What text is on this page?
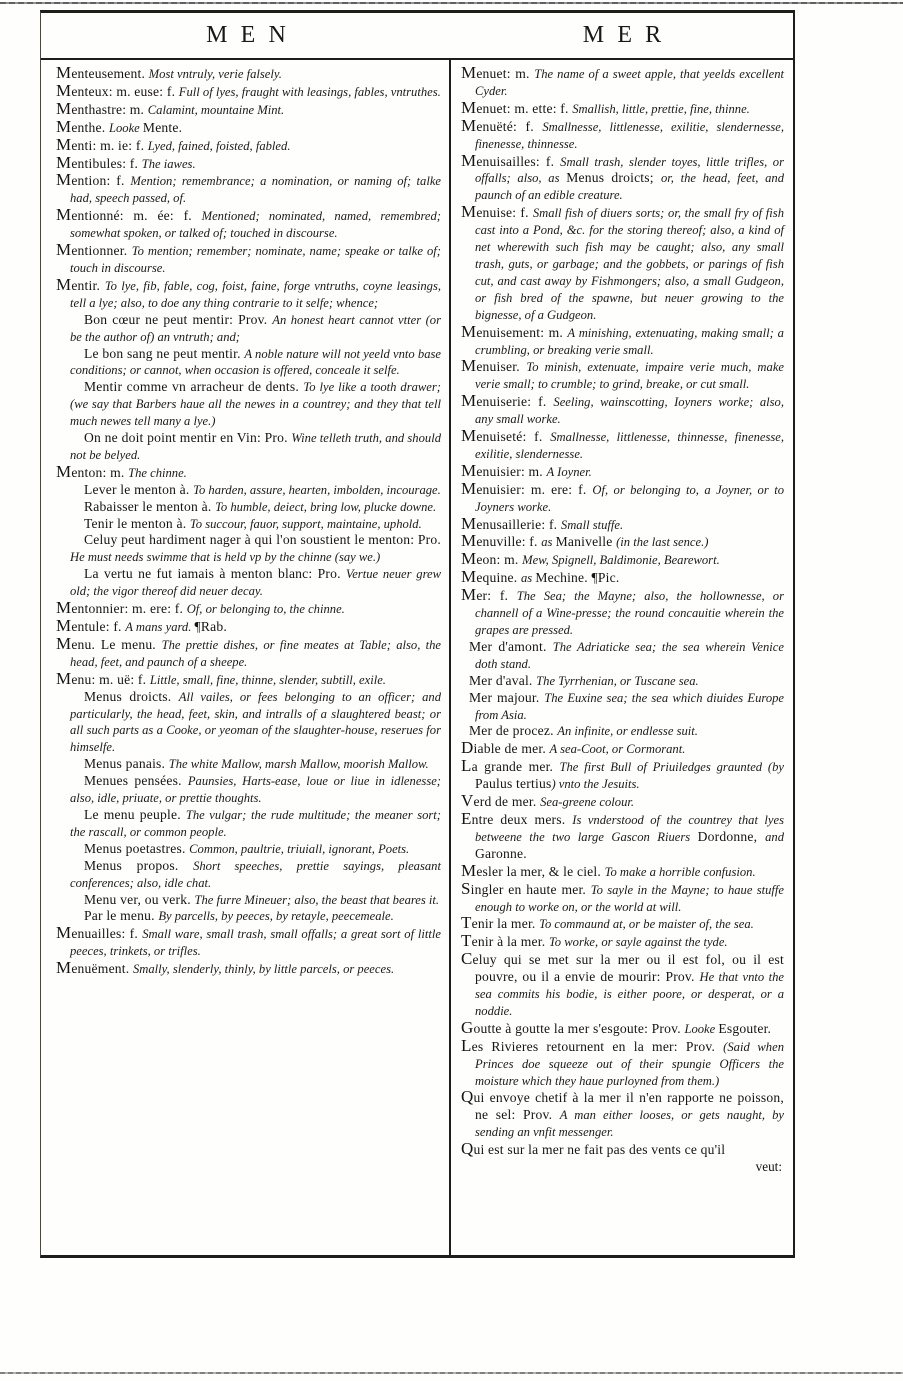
MEN	MER

Menteusement. Most vntruly, verie falsely.

Menteux: m. euse: f. Full of lyes, fraught with leasings, fables, vntruthes.

Menthastre: m. Calamint, mountaine Mint.

Menthe. Looke Mente.

Menti: m. ie: f. Lyed, fained, foisted, fabled.

Mentibules: f. The iawes.

Mention: f. Mention; remembrance; a nomination, or naming of; talke had, speech passed, of.

Mentionné: m. ée: f. Mentioned; nominated, named, remembred; somewhat spoken, or talked of; touched in discourse.

Mentionner. To mention; remember; nominate, name; speake or talke of; touch in discourse.

Mentir. To lye, fib, fable, cog, foist, faine, forge vntruths, coyne leasings, tell a lye; also, to doe any thing contrarie to it selfe; whence;

Bon cœur ne peut mentir: Prov. An honest heart cannot vtter (or be the author of) an vntruth; and;

Le bon sang ne peut mentir. A noble nature will not yeeld vnto base conditions; or cannot, when occasion is offered, conceale it selfe.

Mentir comme vn arracheur de dents. To lye like a tooth drawer; (we say that Barbers haue all the newes in a countrey; and they that tell much newes tell many a lye.)

On ne doit point mentir en Vin: Pro. Wine telleth truth, and should not be belyed.

Menton: m. The chinne.

Lever le menton à. To harden, assure, hearten, imbolden, incourage.

Rabaisser le menton à. To humble, deiect, bring low, plucke downe.

Tenir le menton à. To succour, fauor, support, maintaine, uphold.

Celuy peut hardiment nager à qui l'on soustient le menton: Pro. He must needs swimme that is held vp by the chinne (say we.)

La vertu ne fut iamais à menton blanc: Pro. Vertue neuer grew old; the vigor thereof did neuer decay.

Mentonnier: m. ere: f. Of, or belonging to, the chinne.

Mentule: f. A mans yard. ¶Rab.

Menu. Le menu. The prettie dishes, or fine meates at Table; also, the head, feet, and paunch of a sheepe.

Menu: m. uë: f. Little, small, fine, thinne, slender, subtill, exile.

Menus droicts. All vailes, or fees belonging to an officer; and particularly, the head, feet, skin, and intralls of a slaughtered beast; or all such parts as a Cooke, or yeoman of the slaughter-house, reserues for himselfe.

Menus panais. The white Mallow, marsh Mallow, moorish Mallow.

Menues pensées. Paunsies, Harts-ease, loue or liue in idlenesse; also, idle, priuate, or prettie thoughts.

Le menu peuple. The vulgar; the rude multitude; the meaner sort; the rascall, or common people.

Menus poetastres. Common, paultrie, triuiall, ignorant, Poets.

Menus propos. Short speeches, prettie sayings, pleasant conferences; also, idle chat.

Menu ver, ou verk. The furre Mineuer; also, the beast that beares it.

Par le menu. By parcells, by peeces, by retayle, peecemeale.

Menuailles: f. Small ware, small trash, small offalls; a great sort of little peeces, trinkets, or trifles.

Menuëment. Smally, slenderly, thinly, by little parcels, or peeces.

Menuet: m. The name of a sweet apple, that yeelds excellent Cyder.

Menuet: m. ette: f. Smallish, little, prettie, fine, thinne.

Menuëté: f. Smallnesse, littlenesse, exilitie, slendernesse, finenesse, thinnesse.

Menuisailles: f. Small trash, slender toyes, little trifles, or offalls; also, as Menus droicts; or, the head, feet, and paunch of an edible creature.

Menuise: f. Small fish of diuers sorts; or, the small fry of fish cast into a Pond, &c. for the storing thereof; also, a kind of net wherewith such fish may be caught; also, any small trash, guts, or garbage; and the gobbets, or parings of fish cut, and cast away by Fishmongers; also, a small Gudgeon, or fish bred of the spawne, but neuer growing to the bignesse, of a Gudgeon.

Menuisement: m. A minishing, extenuating, making small; a crumbling, or breaking verie small.

Menuiser. To minish, extenuate, impaire verie much, make verie small; to crumble; to grind, breake, or cut small.

Menuiserie: f. Seeling, wainscotting, Ioyners worke; also, any small worke.

Menuiseté: f. Smallnesse, littlenesse, thinnesse, finenesse, exilitie, slendernesse.

Menuisier: m. A Ioyner.

Menuisier: m. ere: f. Of, or belonging to, a Joyner, or to Joyners worke.

Menusaillerie: f. Small stuffe.

Menuville: f. as Manivelle (in the last sence.)

Meon: m. Mew, Spignell, Baldimonie, Bearewort.

Mequine. as Mechine. ¶Pic.

Mer: f. The Sea; the Mayne; also, the hollownesse, or channell of a Wine-presse; the round concauitie wherein the grapes are pressed.

Mer d'amont. The Adriaticke sea; the sea wherein Venice doth stand.

Mer d'aval. The Tyrrhenian, or Tuscane sea.

Mer majour. The Euxine sea; the sea which diuides Europe from Asia.

Mer de procez. An infinite, or endlesse suit.

Diable de mer. A sea-Coot, or Cormorant.

La grande mer. The first Bull of Priuiledges graunted (by Paulus tertius) vnto the Jesuits.

Verd de mer. Sea-greene colour.

Entre deux mers. Is vnderstood of the countrey that lyes betweene the two large Gascon Riuers Dordonne, and Garonne.

Mesler la mer, & le ciel. To make a horrible confusion.

Singler en haute mer. To sayle in the Mayne; to haue stuffe enough to worke on, or the world at will.

Tenir la mer. To commaund at, or be maister of, the sea.

Tenir à la mer. To worke, or sayle against the tyde.

Celuy qui se met sur la mer ou il est fol, ou il est pouvre, ou il a envie de mourir: Prov. He that vnto the sea commits his bodie, is either poore, or desperat, or a noddie.

Goutte à goutte la mer s'esgoute: Prov. Looke Esgouter.

Les Rivieres retournent en la mer: Prov. (Said when Princes doe squeeze out of their spungie Officers the moisture which they haue purloyned from them.)

Qui envoye chetif à la mer il n'en rapporte ne poisson, ne sel: Prov. A man either looses, or gets naught, by sending an vnfit messenger.

Qui est sur la mer ne fait pas des vents ce qu'il

veut:
